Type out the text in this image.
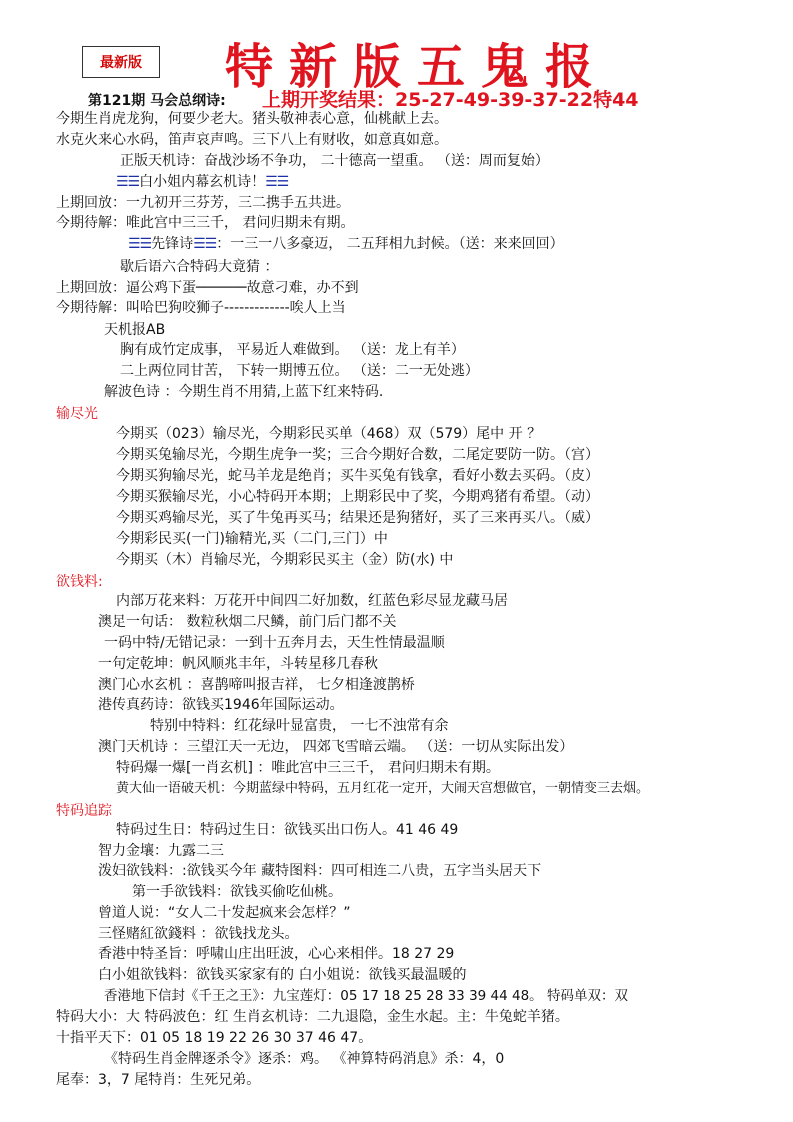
最新版	特新版五鬼报
第121期 马会总纲诗: 上期开奖结果：25-27-49-39-37-22特44
今期生肖虎龙狗，何要少老大。猪头敬神表心意，仙桃献上去。
水克火来心水码，笛声哀声鸣。三下八上有财收，如意真如意。
正版天机诗：奋战沙场不争功， 二十德高一望重。 （送：周而复始）
☰☰白小姐内幕玄机诗！☰☰
上期回放：一九初开三芬芳，三二携手五共进。
今期待解：唯此宫中三三千， 君问归期未有期。
☰☰先锋诗☰☰：一三一八多豪迈， 二五拜相九封候。（送：来来回回）
歇后语六合特码大竟猜 ：
上期回放：逼公鸡下蛋──────故意刁难，办不到
今期待解：叫哈巴狗咬狮子-------------唉人上当
天机报AB
胸有成竹定成事， 平易近人难做到。 （送：龙上有羊）
二上两位同甘苦， 下转一期博五位。 （送：二一无处逃）
解波色诗 ：今期生肖不用猜,上蓝下红来特码.
输尽光
今期买（023）输尽光，今期彩民买单（468）双（579）尾中 开 ？
今期买兔输尽光，今期生虎争一奖；三合今期好合数，二尾定要防一防。（宫）
今期买狗输尽光，蛇马羊龙是绝肖；买牛买兔有钱拿，看好小数去买码。（皮）
今期买猴输尽光，小心特码开本期；上期彩民中了奖，今期鸡猪有希望。（动）
今期买鸡输尽光，买了牛兔再买马；结果还是狗猪好，买了三来再买八。（威）
今期彩民买(一门)输精光,买（二门,三门）中
今期买（木）肖输尽光，今期彩民买主（金）防(水) 中
欲钱料:
内部万花来料：万花开中间四二好加数，红蓝色彩尽显龙藏马居
澳足一句话： 数粒秋烟二尺鳞，前门后门都不关
一码中特/无错记录：一到十五奔月去，天生性情最温顺
一句定乾坤：帆风顺兆丰年，斗转星移几春秋
澳门心水玄机 ：喜鹊啼叫报吉祥， 七夕相逢渡鹊桥
港传真药诗：欲钱买1946年国际运动。
特别中特料：红花绿叶显富贵， 一七不浊常有余
澳门天机诗 ：三望江天一无边， 四郊飞雪暗云端。 （送：一切从实际出发）
特码爆一爆[一肖玄机] ：唯此宫中三三千， 君问归期未有期。
黄大仙一语破天机：今期蓝绿中特码，五月红花一定开，大闹天宫想做官，一朝情变三去烟。
特码追踪
特码过生日：特码过生日：欲钱买出口伤人。41 46 49
智力金壤：九露二三
泼妇欲钱料：:欲钱买今年 藏特图料：四可相连二八贵，五字当头居天下
第一手欲钱料：欲钱买偷吃仙桃。
曾道人说：“女人二十发起疯来会怎样？”
三怪赌紅欲錢料 ：欲钱找龙头。
香港中特圣旨：呼啸山庄出旺波，心心来相伴。18 27 29
白小姐欲钱料：欲钱买家家有的 白小姐说：欲钱买最温暖的
香港地下信封《千王之王》：九宝莲灯：05 17 18 25 28 33 39 44 48。 特码单双：双
特码大小：大 特码波色：红 生肖玄机诗：二九退隐，金生水起。主：牛兔蛇羊猪。
十指平天下：01 05 18 19 22 26 30 37 46 47。
《特码生肖金牌逐杀令》逐杀：鸡。 《神算特码消息》杀：4，0
尾奉：3，7 尾特肖：生死兄弟。
